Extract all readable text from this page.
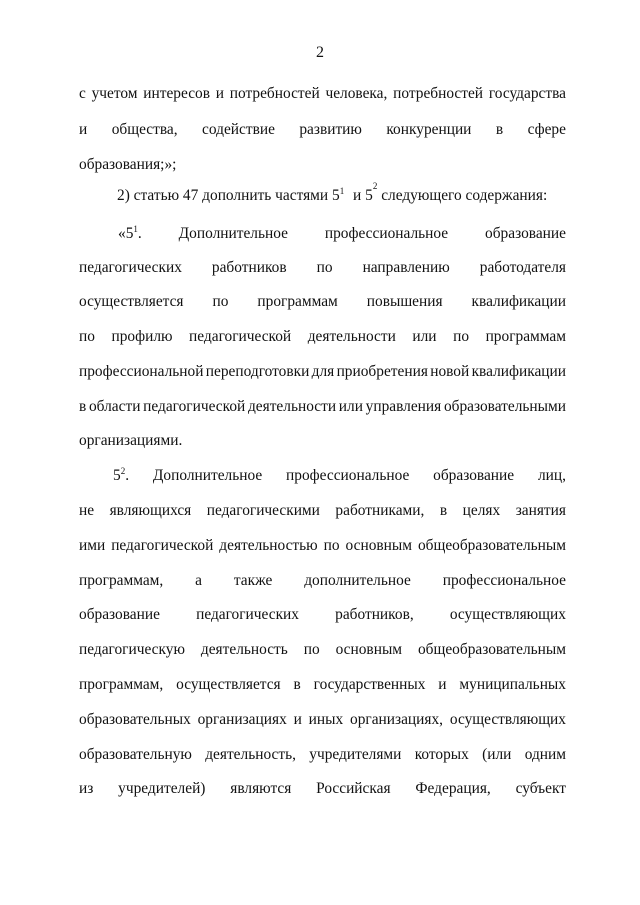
2
с учетом интересов и потребностей человека, потребностей государства
и общества, содействие развитию конкуренции в сфере
образования;»;
2) статью 47 дополнить частями $5^1$ и 5
2
следующего содержания:
«$5^1$. Дополнительное профессиональное образование
педагогических работников по направлению работодателя
осуществляется по программам повышения квалификации
по профилю педагогической деятельности или по программам
профессиональной переподготовки для приобретения новой квалификации
в области педагогической деятельности или управления образовательными
организациями.
$5^2$. Дополнительное профессиональное образование лиц,
не являющихся педагогическими работниками, в целях занятия
ими педагогической деятельностью по основным общеобразовательным
программам, а также дополнительное профессиональное
образование педагогических работников, осуществляющих
педагогическую деятельность по основным общеобразовательным
программам, осуществляется в государственных и муниципальных
образовательных организациях и иных организациях, осуществляющих
образовательную деятельность, учредителями которых (или одним
из учредителей) являются Российская Федерация, субъект
